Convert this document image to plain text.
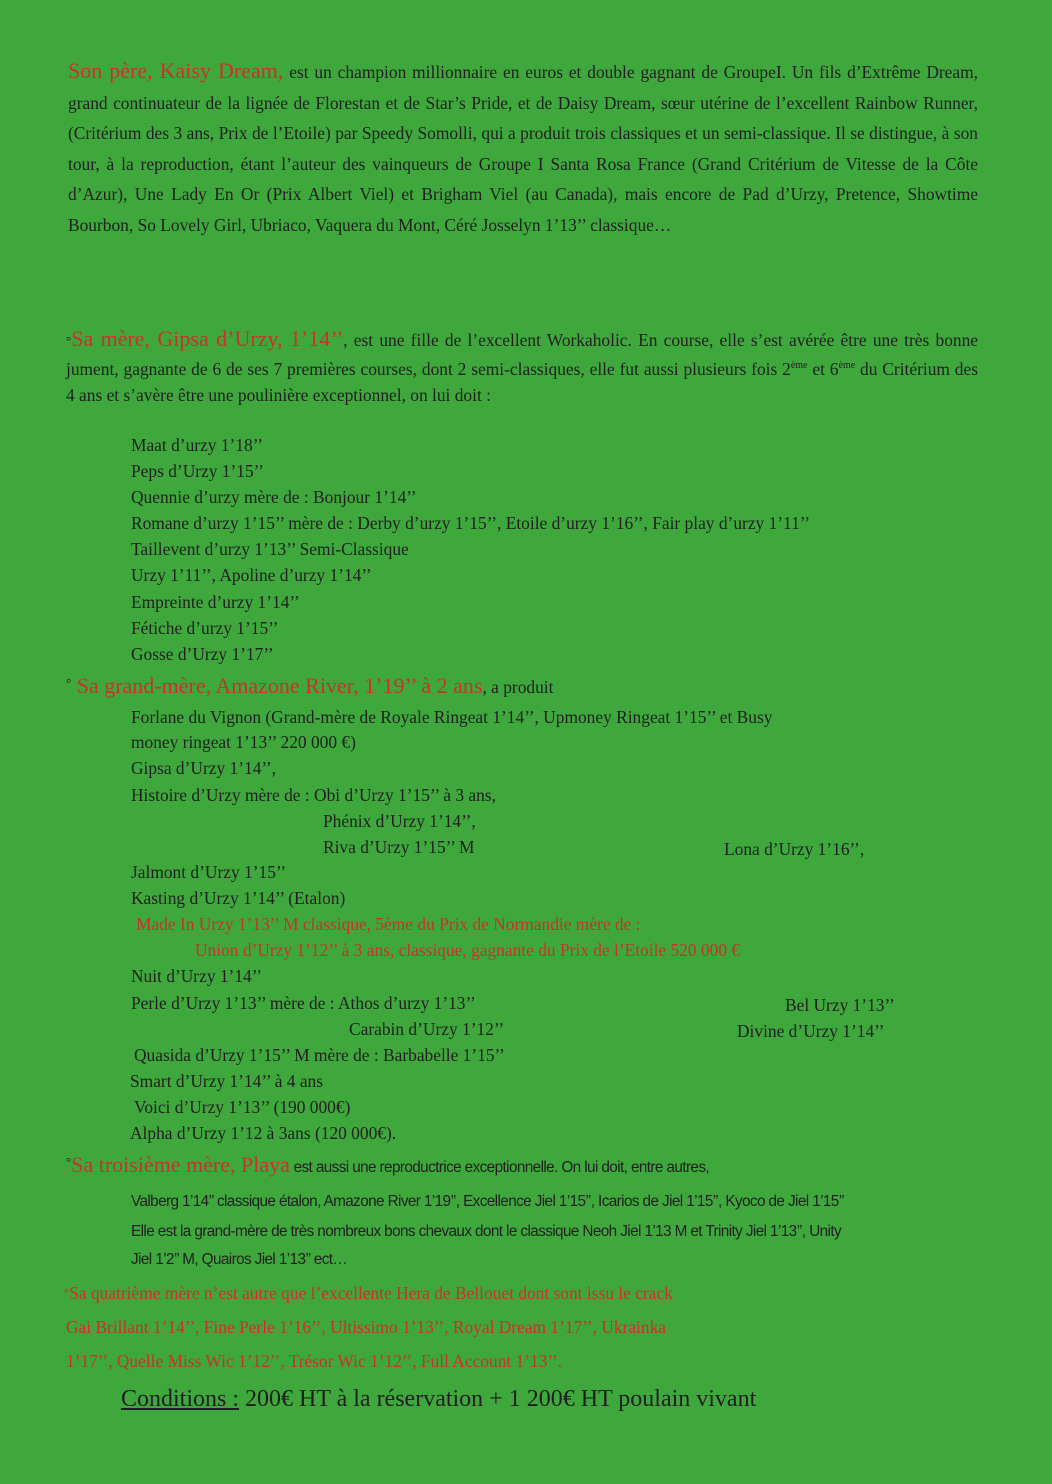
Son père, Kaisy Dream, est un champion millionnaire en euros et double gagnant de GroupeI. Un fils d’Extrême Dream, grand continuateur de la lignée de Florestan et de Star’s Pride, et de Daisy Dream, sœur utérine de l’excellent Rainbow Runner, (Critérium des 3 ans, Prix de l’Etoile) par Speedy Somolli, qui a produit trois classiques et un semi-classique. Il se distingue, à son tour, à la reproduction, étant l’auteur des vainqueurs de Groupe I Santa Rosa France (Grand Critérium de Vitesse de la Côte d’Azur), Une Lady En Or (Prix Albert Viel) et Brigham Viel (au Canada), mais encore de Pad d’Urzy, Pretence, Showtime Bourbon, So Lovely Girl, Ubriaco, Vaquera du Mont, Céré Josselyn 1’13’’ classique…

°Sa mère, Gipsa d’Urzy, 1’14’’, est une fille de l’excellent Workaholic. En course, elle s’est avérée être une très bonne jument, gagnante de 6 de ses 7 premières courses, dont 2 semi-classiques, elle fut aussi plusieurs fois 2ème et 6ème du Critérium des 4 ans et s’avère être une poulinière exceptionnel, on lui doit :

Maat d’urzy 1’18’’
Peps d’Urzy 1’15’’
Quennie d’urzy mère de : Bonjour 1’14’’
Romane d’urzy 1’15’’ mère de : Derby d’urzy 1’15’’, Etoile d’urzy 1’16’’, Fair play d’urzy 1’11’’
Taillevent d’urzy 1’13’’ Semi-Classique
Urzy 1’11’’, Apoline d’urzy 1’14’’
Empreinte d’urzy 1’14’’
Fétiche d’urzy 1’15’’
Gosse d’Urzy 1’17’’
° Sa grand-mère, Amazone River, 1’19’’ à 2 ans, a produit
Forlane du Vignon (Grand-mère de Royale Ringeat 1’14’’, Upmoney Ringeat 1’15’’ et Busy
money ringeat 1’13’’ 220 000 €)
Gipsa d’Urzy 1’14’’,
Histoire d’Urzy mère de : Obi d’Urzy 1’15’’ à 3 ans,
Phénix d’Urzy 1’14’’,
Riva d’Urzy 1’15’’ M	Lona d’Urzy 1’16’’,
Jalmont d’Urzy 1’15’’
Kasting d’Urzy 1’14’’ (Etalon)
Made In Urzy 1’13’’ M classique, 5ème du Prix de Normandie mère de :
Union d’Urzy 1’12’’ à 3 ans, classique, gagnante du Prix de l’Etoile 520 000 €
Nuit d’Urzy 1’14’’
Perle d’Urzy 1’13’’ mère de : Athos d’urzy 1’13’’	Bel Urzy 1’13’’
Carabin d’Urzy 1’12’’	Divine d’Urzy 1’14’’
Quasida d’Urzy 1’15’’ M mère de : Barbabelle 1’15’’
Smart d’Urzy 1’14’’ à 4 ans
Voici d’Urzy 1’13’’ (190 000€)
Alpha d’Urzy 1’12 à 3ans (120 000€).
°Sa troisième mère, Playa est aussi une reproductrice exceptionnelle. On lui doit, entre autres,
Valberg 1’14’’ classique étalon, Amazone River 1’19’’, Excellence Jiel 1’15’’, Icarios de Jiel 1’15’’, Kyoco de Jiel 1’15’’
Elle est la grand-mère de très nombreux bons chevaux dont le classique Neoh Jiel 1’13 M et Trinity Jiel 1’13’’, Unity
Jiel 1’2’’ M, Quairos Jiel 1’13’’ ect…
°Sa quatrième mère n’est autre que l’excellente Hera de Bellouet dont sont issu le crack
Gai Brillant 1’14’’, Fine Perle 1’16’’, Ultissimo 1’13’’, Royal Dream 1’17’’, Ukrainka
1’17’’, Quelle Miss Wic 1’12’’, Trésor Wic 1’12’’, Full Account 1’13’’.
Conditions : 200€ HT à la réservation + 1 200€ HT poulain vivant
